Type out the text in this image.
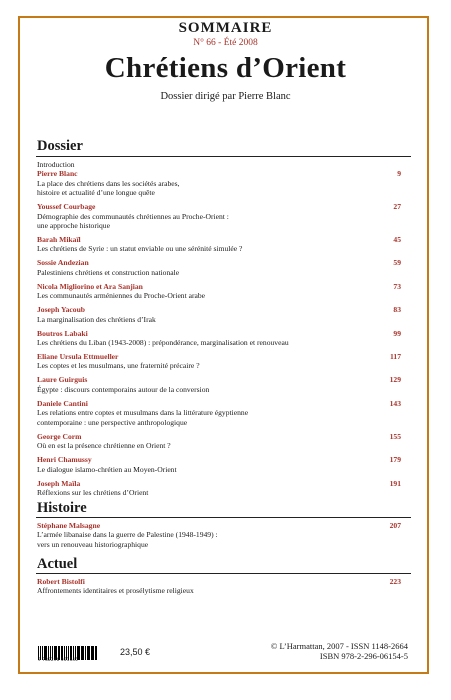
SOMMAIRE
N° 66 - Été 2008
Chrétiens d’Orient
Dossier dirigé par Pierre Blanc
Dossier
Introduction
9
Pierre Blanc
La place des chrétiens dans les sociétés arabes,
histoire et actualité d’une longue quête
27
Youssef Courbage
Démographie des communautés chrétiennes au Proche-Orient :
une approche historique
45
Barah Mikaïl
Les chrétiens de Syrie : un statut enviable ou une sérénité simulée ?
59
Sossie Andezian
Palestiniens chrétiens et construction nationale
73
Nicola Migliorino et Ara Sanjian
Les communautés arméniennes du Proche-Orient arabe
83
Joseph Yacoub
La marginalisation des chrétiens d’Irak
99
Boutros Labaki
Les chrétiens du Liban (1943-2008) : prépondérance, marginalisation et renouveau
117
Eliane Ursula Ettmueller
Les coptes et les musulmans, une fraternité précaire ?
129
Laure Guirguis
Égypte : discours contemporains autour de la conversion
143
Daniele Cantini
Les relations entre coptes et musulmans dans la littérature égyptienne
contemporaine : une perspective anthropologique
155
George Corm
Où en est la présence chrétienne en Orient ?
179
Henri Chamussy
Le dialogue islamo-chrétien au Moyen-Orient
191
Joseph Maïla
Réflexions sur les chrétiens d’Orient
Histoire
207
Stéphane Malsagne
L’armée libanaise dans la guerre de Palestine (1948-1949) :
vers un renouveau historiographique
Actuel
223
Robert Bistolfi
Affrontements identitaires et prosélytisme religieux
9 782296 061545
23,50 €
© L’Harmattan, 2007 - ISSN 1148-2664
ISBN 978-2-296-06154-5
